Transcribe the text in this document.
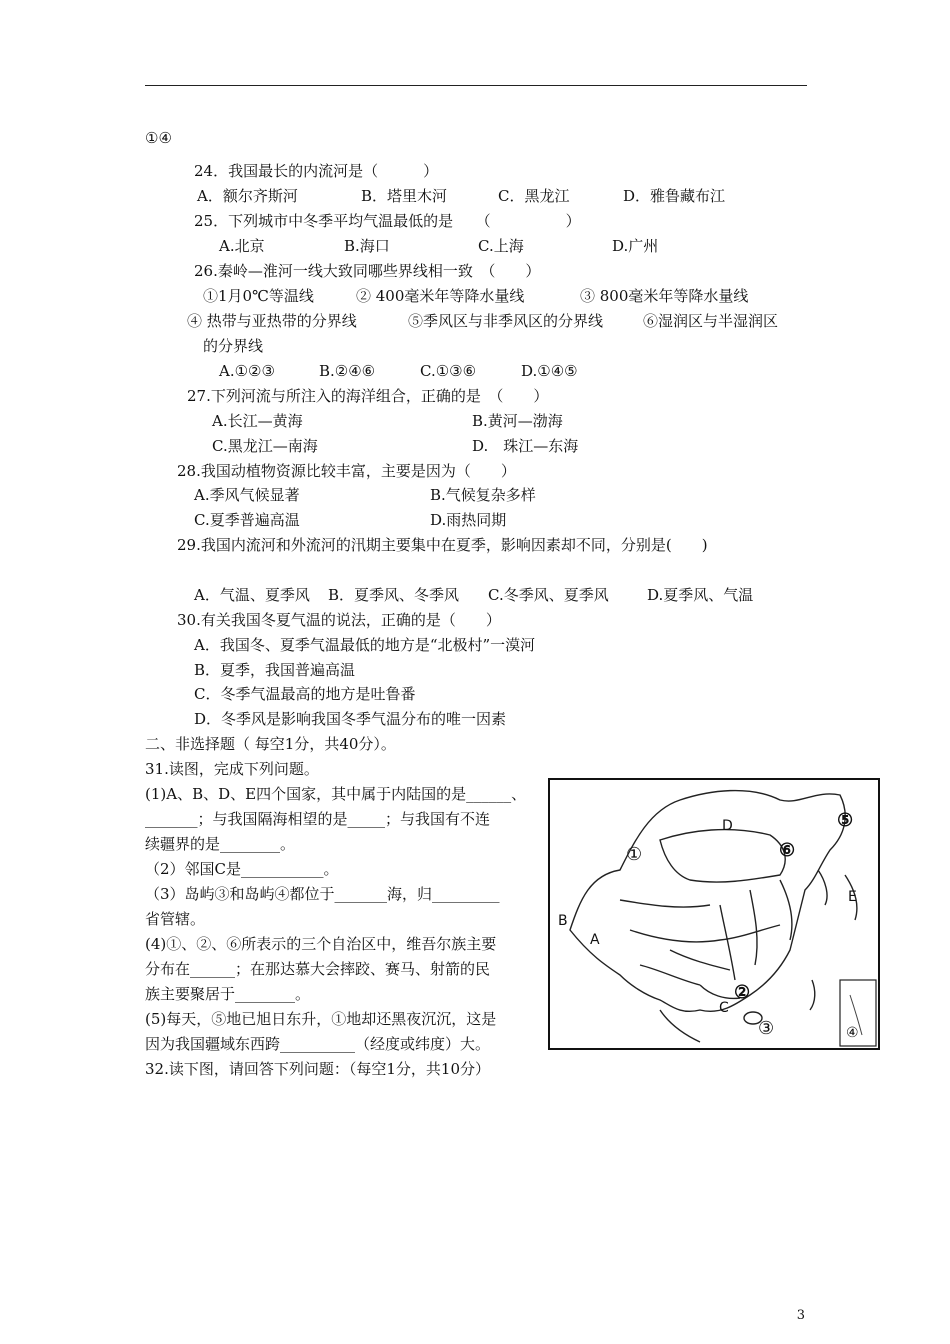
①④
24．我国最长的内流河是（　　　）
A．额尔齐斯河	B．塔里木河	C．黑龙江	D．雅鲁藏布江
25．下列城市中冬季平均气温最低的是　　（　　　　　）
A.北京	B.海口	C.上海	D.广州
26.秦岭—淮河一线大致同哪些界线相一致　（　　）
①1月0℃等温线	② 400毫米年等降水量线	③ 800毫米年等降水量线
④ 热带与亚热带的分界线	⑤季风区与非季风区的分界线	⑥湿润区与半湿润区
的分界线
A.①②③	B.②④⑥	C.①③⑥	D.①④⑤
27.下列河流与所注入的海洋组合，正确的是　（　　）
A.长江—黄海	B.黄河—渤海
C.黑龙江—南海	D.　珠江—东海
28.我国动植物资源比较丰富，主要是因为（　　）
A.季风气候显著	B.气候复杂多样
C.夏季普遍高温	D.雨热同期
29.我国内流河和外流河的汛期主要集中在夏季，影响因素却不同，分别是(　　)
A．气温、夏季风 B．夏季风、冬季风 C.冬季风、夏季风	D.夏季风、气温
30.有关我国冬夏气温的说法，正确的是（　　）
A．我国冬、夏季气温最低的地方是“北极村”一漠河
B．夏季，我国普遍高温
C．冬季气温最高的地方是吐鲁番
D．冬季风是影响我国冬季气温分布的唯一因素
二、非选择题（ 每空1分，共40分）。
31.读图，完成下列问题。
(1)A、B、D、E四个国家，其中属于内陆国的是______、
_______；与我国隔海相望的是_____；与我国有不连
续疆界的是________。
（2）邻国C是___________。
（3）岛屿③和岛屿④都位于_______海，归_________
省管辖。
(4)①、②、⑥所表示的三个自治区中，维吾尔族主要
分布在______；在那达慕大会摔跤、赛马、射箭的民
族主要聚居于________。
(5)每天，⑤地已旭日东升，①地却还黑夜沉沉，这是
因为我国疆域东西跨__________（经度或纬度）大。
32.读下图，请回答下列问题：（每空1分，共10分）
D
B
A
C
E
①
②
③	④
⑤
⑥
3
